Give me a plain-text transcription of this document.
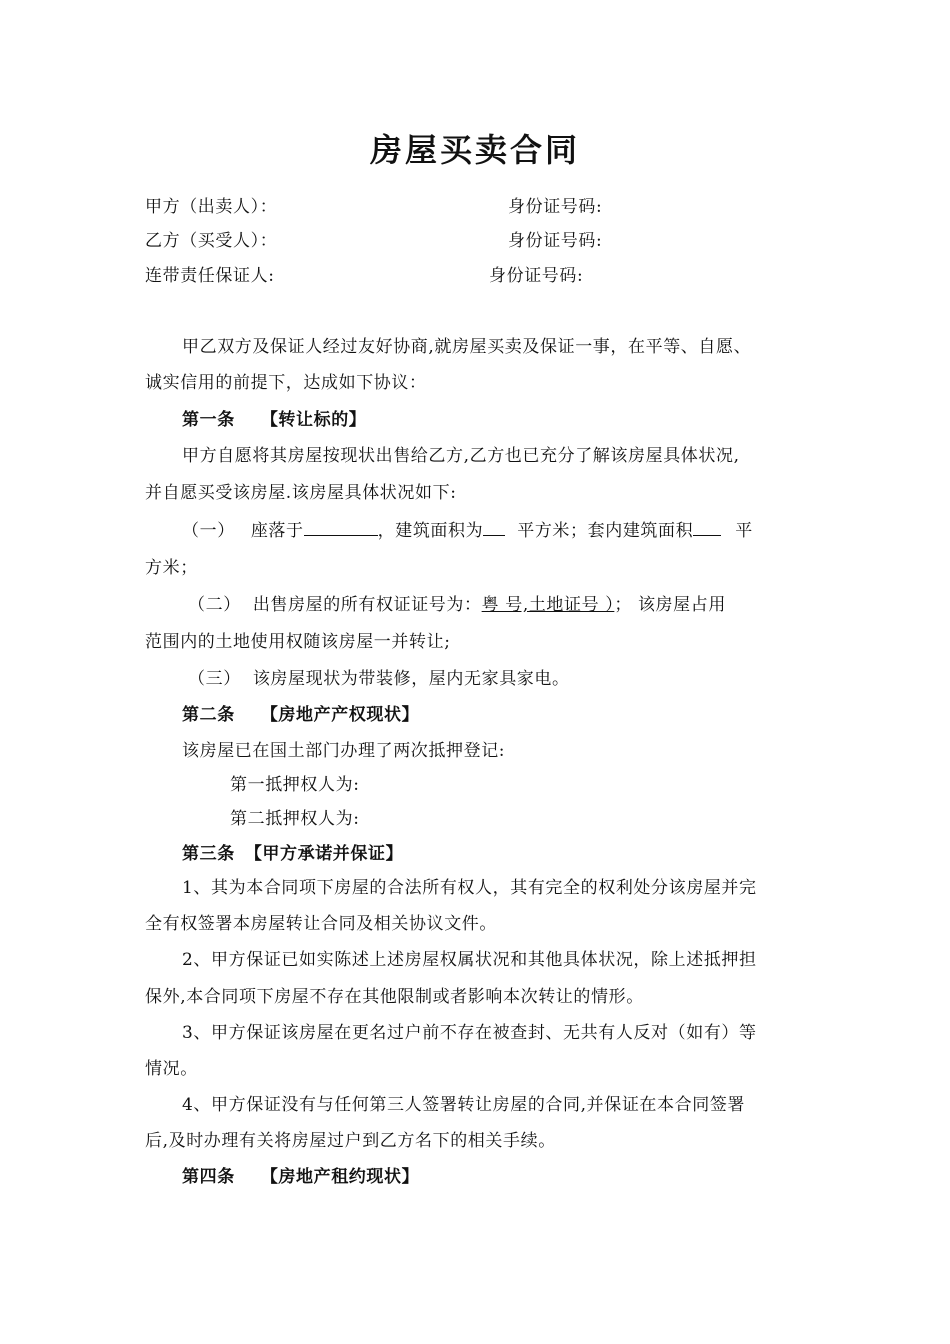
房屋买卖合同
甲方（出卖人）：	身份证号码:
乙方（买受人）：	身份证号码:
连带责任保证人:	身份证号码:
甲乙双方及保证人经过友好协商,就房屋买卖及保证一事，在平等、自愿、
诚实信用的前提下，达成如下协议：
第一条 【转让标的】
甲方自愿将其房屋按现状出售给乙方,乙方也已充分了解该房屋具体状况,
并自愿买受该房屋.该房屋具体状况如下:
（一） 座落于	，建筑面积为 平方米；套内建筑面积 平
方米；
（二） 出售房屋的所有权证证号为：粤 号,土地证号 ）； 该房屋占用
范围内的土地使用权随该房屋一并转让;
（三） 该房屋现状为带装修，屋内无家具家电。
第二条 【房地产产权现状】
该房屋已在国土部门办理了两次抵押登记:
第一抵押权人为:
第二抵押权人为:
第三条 【甲方承诺并保证】
1、其为本合同项下房屋的合法所有权人，其有完全的权利处分该房屋并完
全有权签署本房屋转让合同及相关协议文件。
2、甲方保证已如实陈述上述房屋权属状况和其他具体状况，除上述抵押担
保外,本合同项下房屋不存在其他限制或者影响本次转让的情形。
3、甲方保证该房屋在更名过户前不存在被查封、无共有人反对（如有）等
情况。
4、甲方保证没有与任何第三人签署转让房屋的合同,并保证在本合同签署
后,及时办理有关将房屋过户到乙方名下的相关手续。
第四条 【房地产租约现状】
